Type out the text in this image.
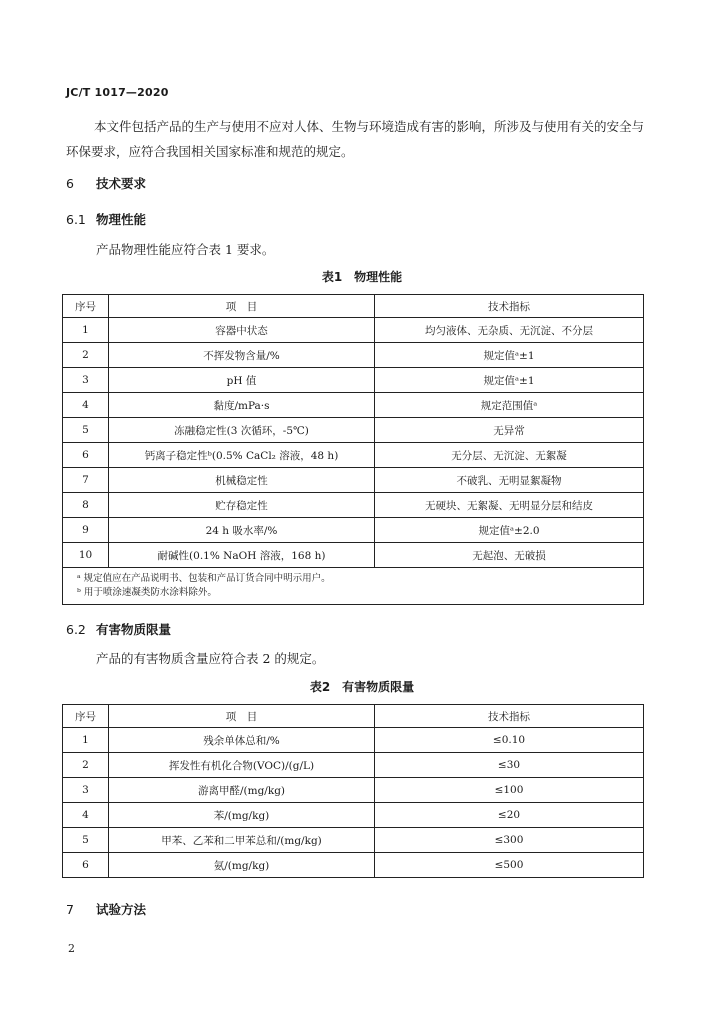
JC/T 1017—2020
本文件包括产品的生产与使用不应对人体、生物与环境造成有害的影响，所涉及与使用有关的安全与环保要求，应符合我国相关国家标准和规范的规定。
6 技术要求
6.1 物理性能
产品物理性能应符合表 1 要求。
表1　物理性能
序号	项　目	技术指标
1	容器中状态	均匀液体、无杂质、无沉淀、不分层
2	不挥发物含量/%	规定值ᵃ±1
3	pH 值	规定值ᵃ±1
4	黏度/mPa·s	规定范围值ᵃ
5	冻融稳定性(3 次循环，-5℃)	无异常
6	钙离子稳定性ᵇ(0.5% CaCl₂ 溶液，48 h)	无分层、无沉淀、无絮凝
7	机械稳定性	不破乳、无明显絮凝物
8	贮存稳定性	无硬块、无絮凝、无明显分层和结皮
9	24 h 吸水率/%	规定值ᵃ±2.0
10	耐碱性(0.1% NaOH 溶液，168 h)	无起泡、无破损

ᵃ 规定值应在产品说明书、包装和产品订货合同中明示用户。
ᵇ 用于喷涂速凝类防水涂料除外。		
6.2 有害物质限量
产品的有害物质含量应符合表 2 的规定。
表2　有害物质限量
序号	项　目	技术指标
1	残余单体总和/%	≤0.10
2	挥发性有机化合物(VOC)/(g/L)	≤30
3	游离甲醛/(mg/kg)	≤100
4	苯/(mg/kg)	≤20
5	甲苯、乙苯和二甲苯总和/(mg/kg)	≤300
6	氨/(mg/kg)	≤500
7 试验方法
2
